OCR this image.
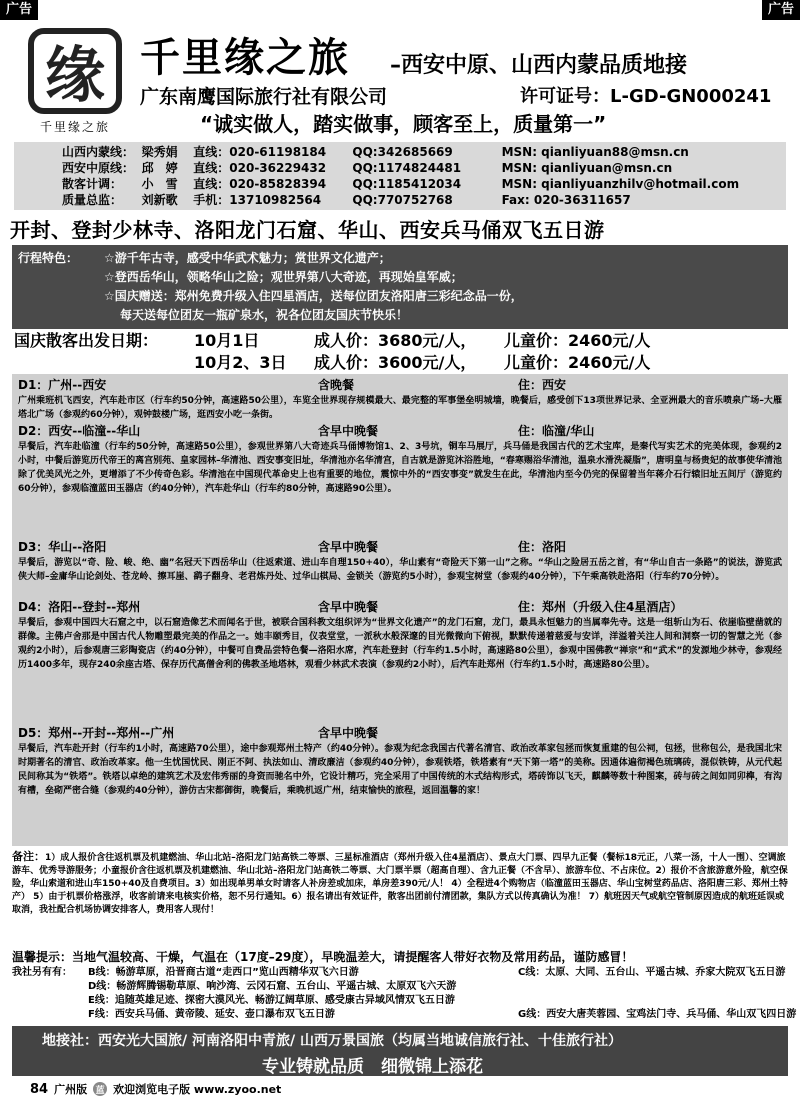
广告	广告
缘
千里缘之旅
千里缘之旅 –西安中原、山西内蒙品质地接
广东南鹰国际旅行社有限公司	许可证号：L-GD-GN000241
“诚实做人，踏实做事，顾客至上，质量第一”
山西内蒙线： 梁秀娟	直线：020-61198184	QQ:342685669	MSN: qianliyuan88@msn.cn
西安中原线： 邱　婷	直线：020-36229432	QQ:1174824481	MSN: qianliyuan@msn.cn
散客计调：	小　雪	直线：020-85828394	QQ:1185412034	MSN: qianliyuanzhilv@hotmail.com
质量总监：	刘新歌	手机：13710982564	QQ:770752768	Fax: 020-36311657
开封、登封少林寺、洛阳龙门石窟、华山、西安兵马俑双飞五日游
行程特色： ☆游千年古寺，感受中华武术魅力；赏世界文化遗产；
☆登西岳华山，领略华山之险；观世界第八大奇迹，再现始皇军威；
☆国庆赠送：郑州免费升级入住四星酒店，送每位团友洛阳唐三彩纪念品一份，
每天送每位团友一瓶矿泉水，祝各位团友国庆节快乐！
国庆散客出发日期：	10月1日	成人价：3680元/人，	儿童价：2460元/人
10月2、3日	成人价：3600元/人，	儿童价：2460元/人
D1：广州--西安	含晚餐	住：西安
广州乘班机飞西安，汽车赴市区（行车约50分钟，高速路50公里），车览全世界现存规模最大、最完整的军事堡垒明城墙，晚餐后，感受创下13项世界记录、全亚洲最大的音乐喷泉广场–大雁塔北广场（参观约60分钟），观钟鼓楼广场，逛西安小吃一条街。
D2：西安--临潼--华山	含早中晚餐	住：临潼/华山
早餐后，汽车赴临潼（行车约50分钟，高速路50公里），参观世界第八大奇迹兵马俑博物馆1、2、3号坑，铜车马展厅，兵马俑是我国古代的艺术宝库，是秦代写实艺术的完美体现，参观约2小时，中餐后游览历代帝王的离宫别苑、皇家园林–华清池、西安事变旧址，华清池亦名华清宫，自古就是游览沐浴胜地，“春寒赐浴华清池，温泉水滑洗凝脂”，唐明皇与杨贵妃的故事使华清池除了优美风光之外，更增添了不少传奇色彩。华清池在中国现代革命史上也有重要的地位，震惊中外的“西安事变”就发生在此，华清池内至今仍完的保留着当年蒋介石行辕旧址五间厅（游览约60分钟），参观临潼蓝田玉器店（约40分钟），汽车赴华山（行车约80分钟，高速路90公里）。
D3：华山--洛阳	含早中晚餐	住：洛阳
早餐后，游览以“奇、险、峻、绝、幽”名冠天下西岳华山（往返索道、进山车自理150+40），华山素有“奇险天下第一山”之称。“华山之险居五岳之首，有“华山自古一条路”的说法，游览武侠大师–金庸华山论剑处、苍龙岭、擦耳崖、鹞子翻身、老君炼丹处、过华山棋局、金锁关（游览约5小时），参观宝树堂（参观约40分钟），下午乘高铁赴洛阳（行车约70分钟）。
D4：洛阳--登封--郑州	含早中晚餐	住：郑州（升级入住4星酒店）
早餐后，参观中国四大石窟之中，以石窟造像艺术而闻名于世，被联合国科教文组织评为“世界文化遗产”的龙门石窟，龙门，最具永恒魅力的当属奉先寺。这是一组斩山为石、依崖临壁凿就的群像。主佛卢舍那是中国古代人物雕塑最完美的作品之一。她丰颐秀目，仪表堂堂，一派秋水般深邃的目光微微向下俯视，默默传递着慈爱与安详，洋溢着关注人间和洞察一切的智慧之光（参观约2小时），后参观唐三彩陶瓷店（约40分钟），中餐可自费品尝特色餐—洛阳水席，汽车赴登封（行车约1.5小时，高速路80公里），参观中国佛教“禅宗”和“武术”的发源地少林寺，参观经历1400多年，现存240余座古塔、保存历代高僧舍利的佛教圣地塔林，观看少林武术表演（参观约2小时），后汽车赴郑州（行车约1.5小时，高速路80公里）。
D5：郑州--开封--郑州--广州	含早中晚餐
早餐后，汽车赴开封（行车约1小时，高速路70公里），途中参观郑州土特产（约40分钟）。参观为纪念我国古代著名清官、政治改革家包拯而恢复重建的包公祠，包拯，世称包公，是我国北宋时期著名的清官、政治改革家。他一生忧国忧民、刚正不阿、执法如山、清政廉洁（参观约40分钟），参观铁塔，铁塔素有“天下第一塔”的美称。因通体遍彻褐色琉璃砖，混似铁铸，从元代起民间称其为“铁塔”。铁塔以卓绝的建筑艺术及宏伟秀丽的身资而驰名中外，它设计精巧，完全采用了中国传统的木式结构形式，塔砖饰以飞天，麒麟等数十种图案，砖与砖之间如同卯榫，有沟有槽，垒砌严密合缝（参观约40分钟），游仿古宋都御街，晚餐后，乘晚机返广州，结束愉快的旅程，返回温馨的家！
备注：1）成人报价含往返机票及机建燃油、华山北站–洛阳龙门站高铁二等票、三星标准酒店（郑州升级入住4星酒店）、景点大门票、四早九正餐（餐标18元正，八菜一汤，十人一围）、空调旅游车、优秀导游服务；小童报价含往返机票及机建燃油、华山北站–洛阳龙门站高铁二等票、大门票半票（超高自理）、含九正餐（不含早）、旅游车位、不占床位。2）报价不含旅游意外险，航空保险，华山索道和进山车150+40及自费项目。3）如出现单男单女时请客人补房差或加床，单房差390元/人！ 4）全程进4个购物店（临潼蓝田玉器店、华山宝树堂药品店、洛阳唐三彩、郑州土特产） 5）由于机票价格涨浮，收客前请来电核实价格，恕不另行通知。6）报名请出有效证件，散客出团前付清团款，集队方式以传真确认为准！ 7）航班因天气或航空管制原因造成的航班延误或取消，我社配合机场协调安排客人，费用客人现付！
温馨提示：当地气温较高、干燥，气温在（17度–29度），早晚温差大，请提醒客人带好衣物及常用药品，谨防感冒！
我社另有有：	B线：畅游草原，沿晋商古道“走西口”览山西精华双飞六日游	C线：太原、大同、五台山、平遥古城、乔家大院双飞五日游
D线：畅游辉腾锡勒草原、响沙湾、云冈石窟、五台山、平遥古城、太原双飞六天游
E线：追随英雄足迹、探密大漠风光、畅游辽阔草原、感受康古异域风情双飞五日游
F线：西安兵马俑、黄帝陵、延安、壶口瀑布双飞五日游	G线：西安大唐芙蓉园、宝鸡法门寺、兵马俑、华山双飞四日游
地接社：西安光大国旅/ 河南洛阳中青旅/ 山西万景国旅（均属当地诚信旅行社、十佳旅行社）
专业铸就品质　细微锦上添花
84 广州版 蓝 欢迎浏览电子版 www.zyoo.net
